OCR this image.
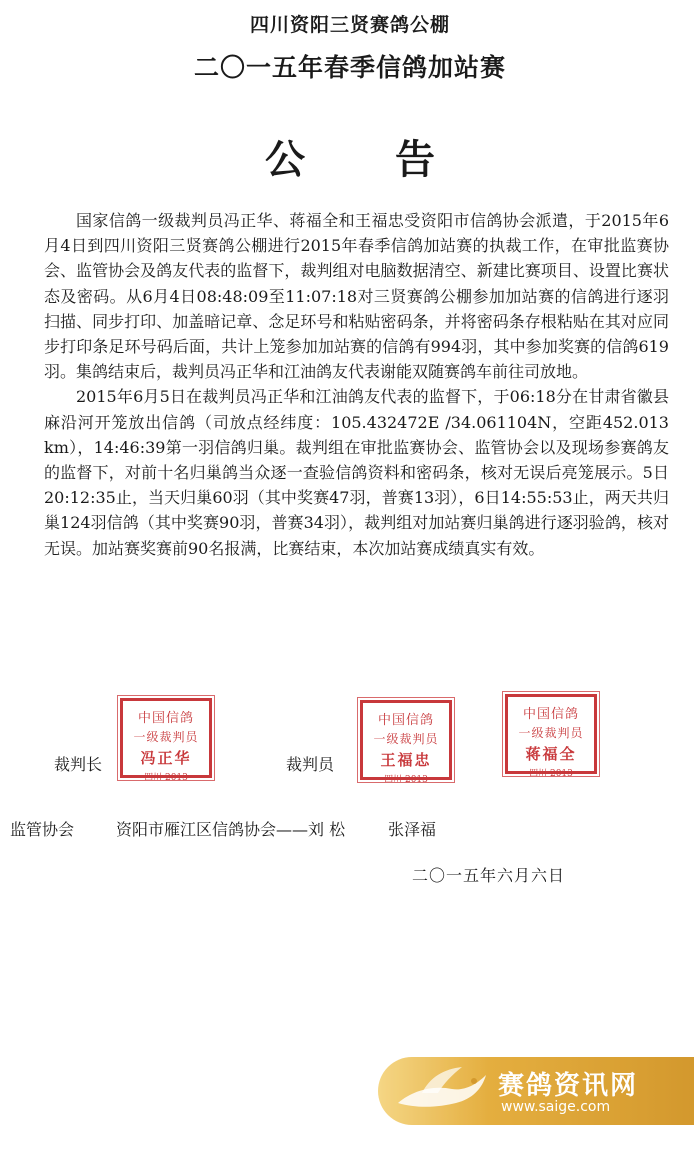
四川资阳三贤赛鸽公棚
二〇一五年春季信鸽加站赛
公告

国家信鸽一级裁判员冯正华、蒋福全和王福忠受资阳市信鸽协会派遣，于2015年6月4日到四川资阳三贤赛鸽公棚进行2015年春季信鸽加站赛的执裁工作，在审批监赛协会、监管协会及鸽友代表的监督下，裁判组对电脑数据清空、新建比赛项目、设置比赛状态及密码。从6月4日08:48:09至11:07:18对三贤赛鸽公棚参加加站赛的信鸽进行逐羽扫描、同步打印、加盖暗记章、念足环号和粘贴密码条，并将密码条存根粘贴在其对应同步打印条足环号码后面，共计上笼参加加站赛的信鸽有994羽，其中参加奖赛的信鸽619羽。集鸽结束后，裁判员冯正华和江油鸽友代表谢能双随赛鸽车前往司放地。

2015年6月5日在裁判员冯正华和江油鸽友代表的监督下，于06:18分在甘肃省徽县麻沿河开笼放出信鸽（司放点经纬度：105.432472E /34.061104N，空距452.013 km），14:46:39第一羽信鸽归巢。裁判组在审批监赛协会、监管协会以及现场参赛鸽友的监督下，对前十名归巢鸽当众逐一查验信鸽资料和密码条，核对无误后亮笼展示。5日20:12:35止，当天归巢60羽（其中奖赛47羽，普赛13羽），6日14:55:53止，两天共归巢124羽信鸽（其中奖赛90羽，普赛34羽），裁判组对加站赛归巢鸽进行逐羽验鸽，核对无误。加站赛奖赛前90名报满，比赛结束，本次加站赛成绩真实有效。

裁判长
中国信鸽
一级裁判员
冯正华
四川·2013
裁判员
中国信鸽
一级裁判员
王福忠
四川·2013
中国信鸽
一级裁判员
蒋福全
四川·2013
监管协会	资阳市雁江区信鸽协会——刘 松	张泽福
二〇一五年六月六日
赛鸽资讯网
www.saige.com
